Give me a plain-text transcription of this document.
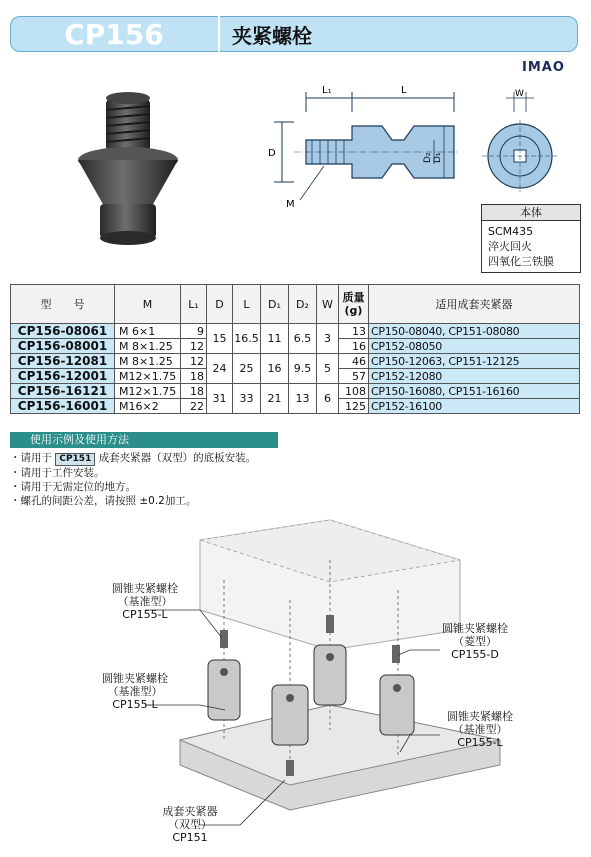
CP156	夹紧螺栓
IMAO
L₁	L
D	D₂ D₁
M
W
本体
SCM435
淬火回火
四氧化三铁膜
型　　号	M	L₁	D	L	D₁	D₂	W	质量
(g)	适用成套夹紧器
CP156-08061	M 6×1	9	15	16.5	11	6.5	3	13	CP150-08040, CP151-08080
CP156-08001	M 8×1.25	12						16	CP152-08050
CP156-12081	M 8×1.25	12	24	25	16	9.5	5	46	CP150-12063, CP151-12125
CP156-12001	M12×1.75	18						57	CP152-12080
CP156-16121	M12×1.75	18	31	33	21	13	6	108	CP150-16080, CP151-16160
CP156-16001	M16×2	22						125	CP152-16100
使用示例及使用方法
・请用于 CP151 成套夹紧器（双型）的底板安装。
・请用于工件安装。
・请用于无需定位的地方。
・螺孔的间距公差，请按照 ±0.2加工。
圆锥夹紧螺栓
（基准型）
CP155-L
圆锥夹紧螺栓
（基准型）
CP155-L
圆锥夹紧螺栓
（菱型）
CP155-D
圆锥夹紧螺栓
（基准型）
CP155-L
成套夹紧器
（双型）
CP151
